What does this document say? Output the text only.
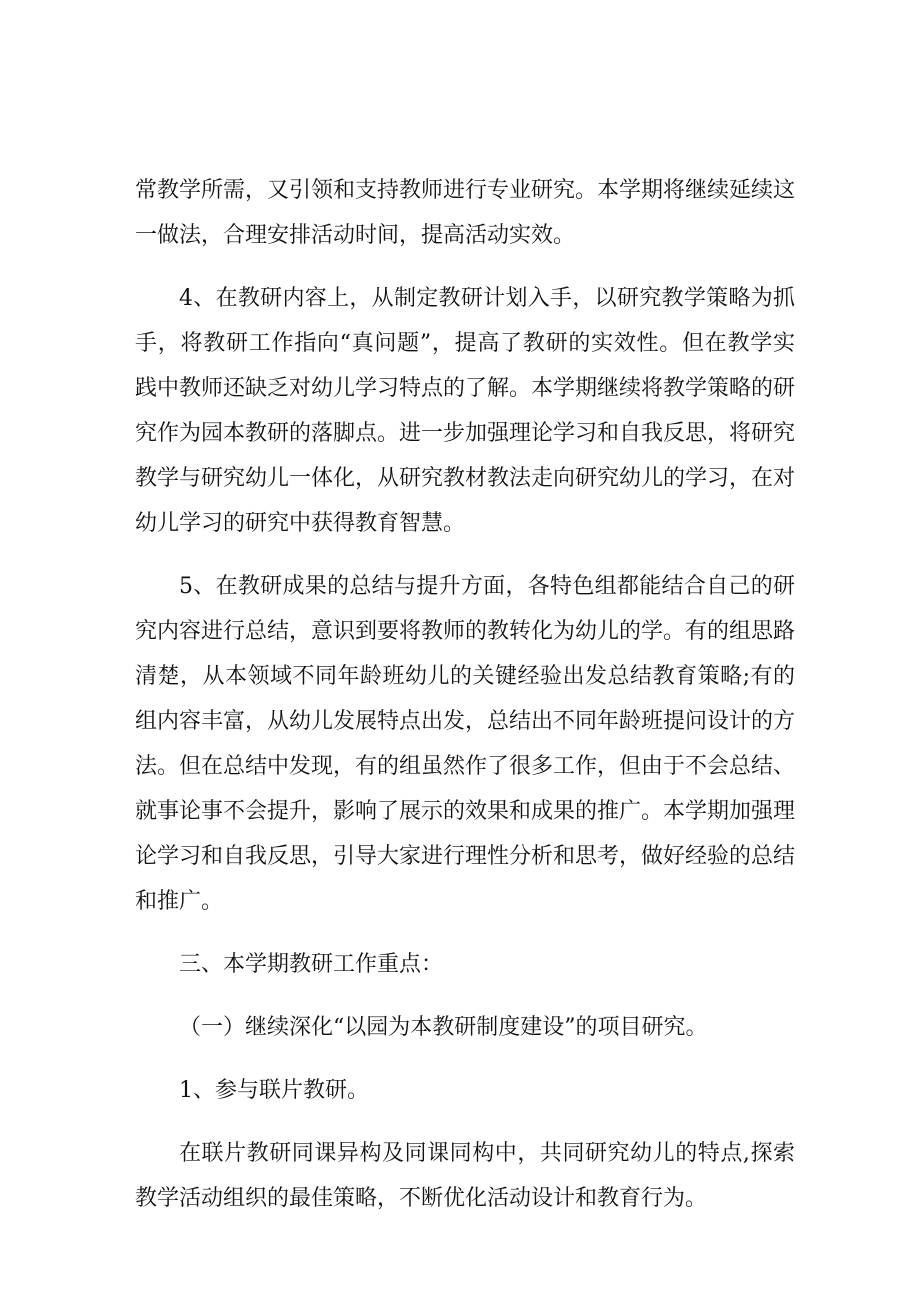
常教学所需，又引领和支持教师进行专业研究。本学期将继续延续这一做法，合理安排活动时间，提高活动实效。

4、在教研内容上，从制定教研计划入手，以研究教学策略为抓手，将教研工作指向“真问题”，提高了教研的实效性。但在教学实践中教师还缺乏对幼儿学习特点的了解。本学期继续将教学策略的研究作为园本教研的落脚点。进一步加强理论学习和自我反思，将研究教学与研究幼儿一体化，从研究教材教法走向研究幼儿的学习，在对幼儿学习的研究中获得教育智慧。

5、在教研成果的总结与提升方面，各特色组都能结合自己的研究内容进行总结，意识到要将教师的教转化为幼儿的学。有的组思路清楚，从本领域不同年龄班幼儿的关键经验出发总结教育策略;有的组内容丰富，从幼儿发展特点出发，总结出不同年龄班提问设计的方法。但在总结中发现，有的组虽然作了很多工作，但由于不会总结、就事论事不会提升，影响了展示的效果和成果的推广。本学期加强理论学习和自我反思，引导大家进行理性分析和思考，做好经验的总结和推广。

三、本学期教研工作重点：

（一）继续深化“以园为本教研制度建设”的项目研究。

1、参与联片教研。

在联片教研同课异构及同课同构中，共同研究幼儿的特点,探索教学活动组织的最佳策略，不断优化活动设计和教育行为。
